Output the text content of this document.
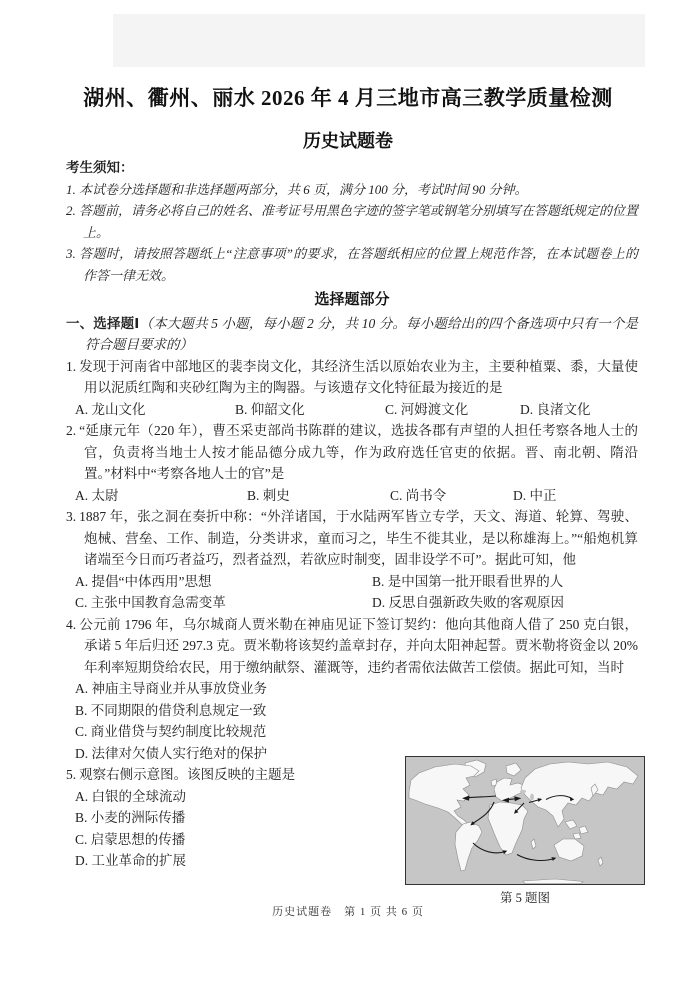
湖州、衢州、丽水 2026 年 4 月三地市高三教学质量检测
历史试题卷
考生须知：
1. 本试卷分选择题和非选择题两部分，共 6 页，满分 100 分，考试时间 90 分钟。
2. 答题前，请务必将自己的姓名、准考证号用黑色字迹的签字笔或钢笔分别填写在答题纸规定的位置上。
3. 答题时，请按照答题纸上“注意事项”的要求，在答题纸相应的位置上规范作答，在本试题卷上的作答一律无效。
选择题部分
一、选择题Ⅰ（本大题共 5 小题，每小题 2 分，共 10 分。每小题给出的四个备选项中只有一个是符合题目要求的）
1. 发现于河南省中部地区的裴李岗文化，其经济生活以原始农业为主，主要种植粟、黍，大量使用以泥质红陶和夹砂红陶为主的陶器。与该遗存文化特征最为接近的是
A. 龙山文化	B. 仰韶文化	C. 河姆渡文化	D. 良渚文化
2. “延康元年（220 年），曹丕采吏部尚书陈群的建议，选拔各郡有声望的人担任考察各地人士的官，负责将当地士人按才能品德分成九等，作为政府选任官吏的依据。晋、南北朝、隋沿置。”材料中“考察各地人士的官”是
A. 太尉	B. 刺史	C. 尚书令	D. 中正
3. 1887 年，张之洞在奏折中称：“外洋诸国，于水陆两军皆立专学，天文、海道、轮算、驾驶、炮械、营垒、工作、制造，分类讲求，童而习之，毕生不徙其业，是以称雄海上。”“船炮机算诸端至今日而巧者益巧，烈者益烈，若欲应时制变，固非设学不可”。据此可知，他
A. 提倡“中体西用”思想	B. 是中国第一批开眼看世界的人
C. 主张中国教育急需变革	D. 反思自强新政失败的客观原因
4. 公元前 1796 年，乌尔城商人贾米勒在神庙见证下签订契约：他向其他商人借了 250 克白银，承诺 5 年后归还 297.3 克。贾米勒将该契约盖章封存，并向太阳神起誓。贾米勒将资金以 20%年利率短期贷给农民，用于缴纳献祭、灌溉等，违约者需依法做苦工偿债。据此可知，当时
A. 神庙主导商业并从事放贷业务
B. 不同期限的借贷利息规定一致
C. 商业借贷与契约制度比较规范
D. 法律对欠债人实行绝对的保护
5. 观察右侧示意图。该图反映的主题是
A. 白银的全球流动
B. 小麦的洲际传播
C. 启蒙思想的传播
D. 工业革命的扩展
第 5 题图
历史试题卷　第 1 页 共 6 页
